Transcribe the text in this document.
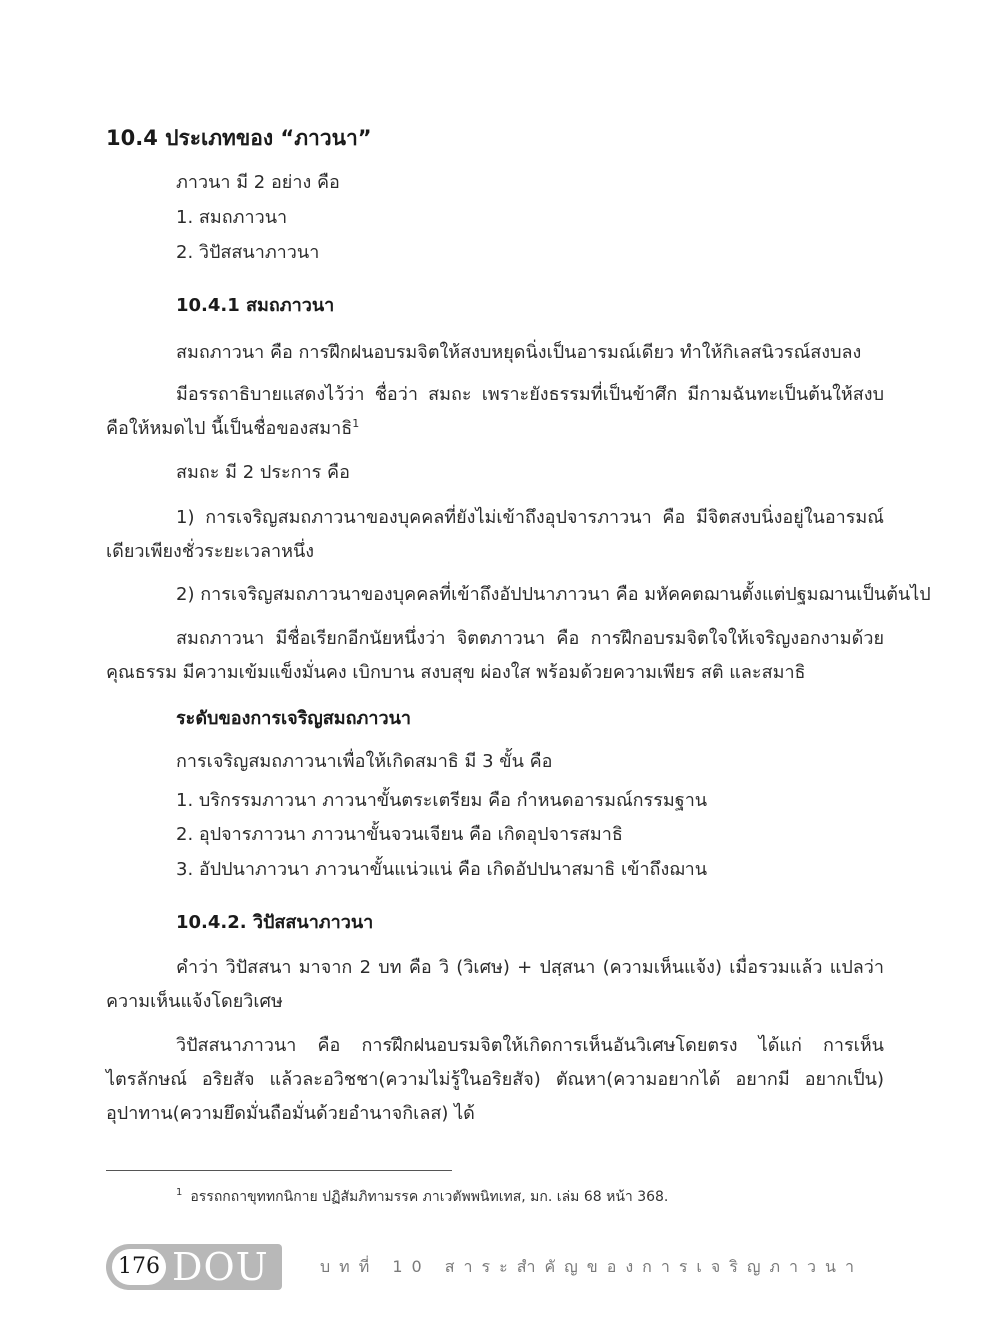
10.4 ประเภทของ “ภาวนา”
ภาวนา มี 2 อย่าง คือ
1. สมถภาวนา
2. วิปัสสนาภาวนา
10.4.1 สมถภาวนา
สมถภาวนา คือ การฝึกฝนอบรมจิตให้สงบหยุดนิ่งเป็นอารมณ์เดียว ทำให้กิเลสนิวรณ์สงบลง
มีอรรถาธิบายแสดงไว้ว่า ชื่อว่า สมถะ เพราะยังธรรมที่เป็นข้าศึก มีกามฉันทะเป็นต้นให้สงบ คือให้หมดไป นี้เป็นชื่อของสมาธิ$^1$
สมถะ มี 2 ประการ คือ
1) การเจริญสมถภาวนาของบุคคลที่ยังไม่เข้าถึงอุปจารภาวนา คือ มีจิตสงบนิ่งอยู่ในอารมณ์เดียวเพียงชั่วระยะเวลาหนึ่ง
2) การเจริญสมถภาวนาของบุคคลที่เข้าถึงอัปปนาภาวนา คือ มหัคคตฌานตั้งแต่ปฐมฌานเป็นต้นไป
สมถภาวนา มีชื่อเรียกอีกนัยหนึ่งว่า จิตตภาวนา คือ การฝึกอบรมจิตใจให้เจริญงอกงามด้วยคุณธรรม มีความเข้มแข็งมั่นคง เบิกบาน สงบสุข ผ่องใส พร้อมด้วยความเพียร สติ และสมาธิ
ระดับของการเจริญสมถภาวนา
การเจริญสมถภาวนาเพื่อให้เกิดสมาธิ มี 3 ขั้น คือ
1. บริกรรมภาวนา ภาวนาขั้นตระเตรียม คือ กำหนดอารมณ์กรรมฐาน
2. อุปจารภาวนา ภาวนาขั้นจวนเจียน คือ เกิดอุปจารสมาธิ
3. อัปปนาภาวนา ภาวนาขั้นแน่วแน่ คือ เกิดอัปปนาสมาธิ เข้าถึงฌาน
10.4.2. วิปัสสนาภาวนา
คำว่า วิปัสสนา มาจาก 2 บท คือ วิ (วิเศษ) + ปสฺสนา (ความเห็นแจ้ง) เมื่อรวมแล้ว แปลว่า ความเห็นแจ้งโดยวิเศษ
วิปัสสนาภาวนา คือ การฝึกฝนอบรมจิตให้เกิดการเห็นอันวิเศษโดยตรง ได้แก่ การเห็นไตรลักษณ์ อริยสัจ แล้วละอวิชชา(ความไม่รู้ในอริยสัจ) ตัณหา(ความอยากได้ อยากมี อยากเป็น) อุปาทาน(ความยึดมั่นถือมั่นด้วยอำนาจกิเลส) ได้
$^1$ อรรถกถาขุททกนิกาย ปฏิสัมภิทามรรค ภาเวตัพพนิทเทส, มก. เล่ม 68 หน้า 368.
176 DOU	บทที่ 10 สาระสำคัญของการเจริญภาวนา
